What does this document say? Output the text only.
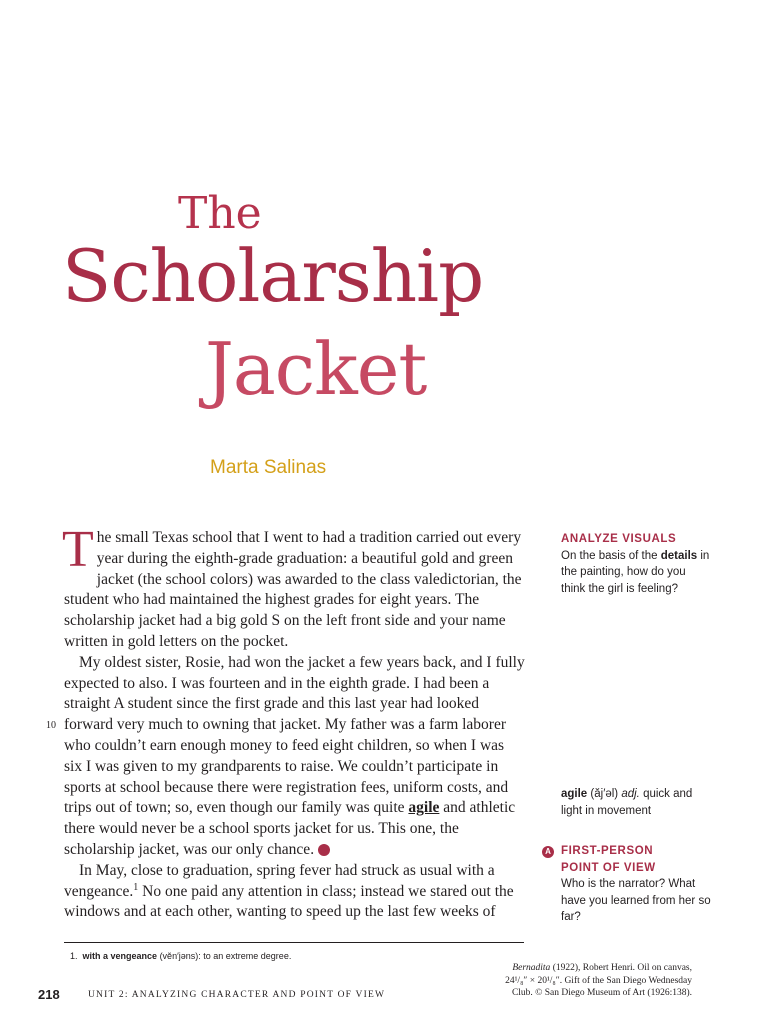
The
Scholarship
Jacket
Marta Salinas

The small Texas school that I went to had a tradition carried out every year during the eighth-grade graduation: a beautiful gold and green jacket (the school colors) was awarded to the class valedictorian, the student who had maintained the highest grades for eight years. The scholarship jacket had a big gold S on the left front side and your name written in gold letters on the pocket.

My oldest sister, Rosie, had won the jacket a few years back, and I fully expected to also. I was fourteen and in the eighth grade. I had been a straight A student since the first grade and this last year had looked forward very much to owning that jacket. My father was a farm laborer who couldn’t earn enough money to feed eight children, so when I was six I was given to my grandparents to raise. We couldn’t participate in sports at school because there were registration fees, uniform costs, and trips out of town; so, even though our family was quite agile and athletic there would never be a school sports jacket for us. This one, the scholarship jacket, was our only chance. A

In May, close to graduation, spring fever had struck as usual with a vengeance.$^1$ No one paid any attention in class; instead we stared out the windows and at each other, wanting to speed up the last few weeks of

10
ANALYZE VISUALS
On the basis of the details in the painting, how do you think the girl is feeling?
agile (ăj′əl) adj. quick and light in movement
A FIRST-PERSON
POINT OF VIEW
Who is the narrator? What have you learned from her so far?
1. with a vengeance (vĕn′jəns): to an extreme degree.
Bernadita (1922), Robert Henri. Oil on canvas,
24¹/₈″ × 20¹/₈″. Gift of the San Diego Wednesday
Club. © San Diego Museum of Art (1926:138).
218	UNIT 2: ANALYZING CHARACTER AND POINT OF VIEW
